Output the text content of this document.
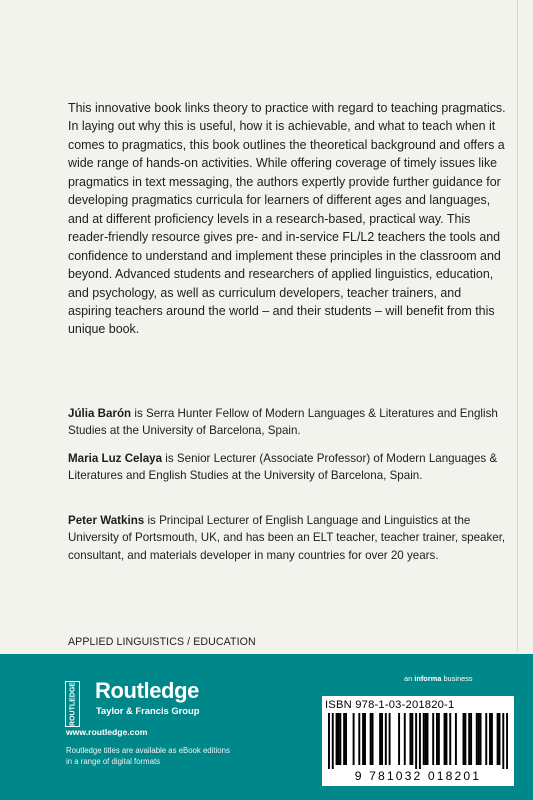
This innovative book links theory to practice with regard to teaching pragmatics. In laying out why this is useful, how it is achievable, and what to teach when it comes to pragmatics, this book outlines the theoretical background and offers a wide range of hands-on activities. While offering coverage of timely issues like pragmatics in text messaging, the authors expertly provide further guidance for developing pragmatics curricula for learners of different ages and languages, and at different proficiency levels in a research-based, practical way. This reader-friendly resource gives pre- and in-service FL/L2 teachers the tools and confidence to understand and implement these principles in the classroom and beyond. Advanced students and researchers of applied linguistics, education, and psychology, as well as curriculum developers, teacher trainers, and aspiring teachers around the world – and their students – will benefit from this unique book.

Júlia Barón is Serra Hunter Fellow of Modern Languages & Literatures and English Studies at the University of Barcelona, Spain.

Maria Luz Celaya is Senior Lecturer (Associate Professor) of Modern Languages & Literatures and English Studies at the University of Barcelona, Spain.

Peter Watkins is Principal Lecturer of English Language and Linguistics at the University of Portsmouth, UK, and has been an ELT teacher, teacher trainer, speaker, consultant, and materials developer in many countries for over 20 years.

APPLIED LINGUISTICS / EDUCATION
ROUTLEDGE Routledge
Taylor & Francis Group
www.routledge.com
Routledge titles are available as eBook editions
in a range of digital formats
an informa business
ISBN 978-1-03-201820-1
9 781032 018201
